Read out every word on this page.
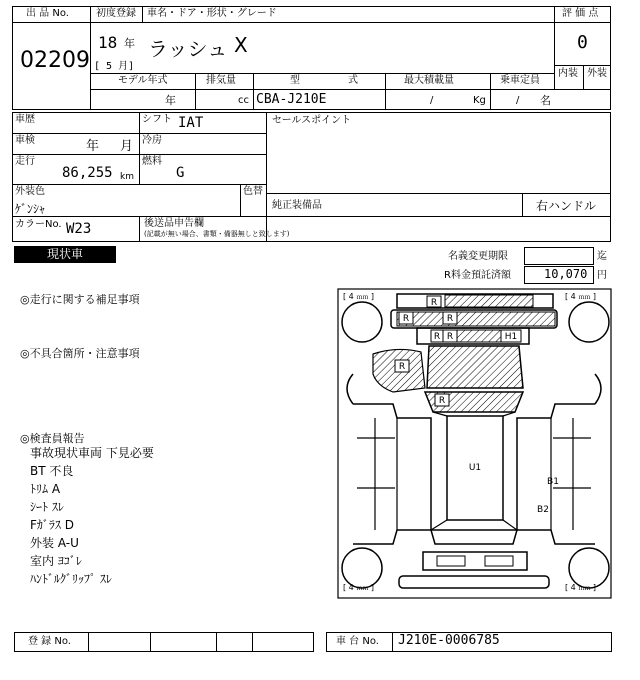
出 品 No.
02209
初度登録 車名・ドア・形状・グレード
18 年
[ 5 月]
ラッシュ X
評 価 点
0
内装 外装
モデル年式	排気量	型	式	最大積載量	乗車定員
年	cc CBA-J210E	/	Kg	/ 名
車歴	シフト IAT	セールスポイント
車検	年 月 冷房
走行
86,255 km
燃料
G
外装色
ｹﾞﾝｼｬ
色替
純正装備品	右ハンドル
カラーNo. W23	後送品申告欄
(記載が無い場合、書類・備器無しと致します)
現状車	名義変更期限	迄
R料金預託済額	10,070 円
◎走行に関する補足事項
◎不具合箇所・注意事項
◎検査員報告
事故現状車両 下見必要
BT 不良
ﾄﾘﾑ A
ｼｰﾄ ｽﾚ
Fｶﾞﾗｽ D
外装 A-U
室内 ﾖｺﾞﾚ
ﾊﾝﾄﾞﾙｸﾞﾘｯﾌﾟ ｽﾚ
[ 4 ｍｍ ]	[ 4 ｍｍ ]
[ 4 ｍｍ ]	[ 4 ｍｍ ]
R
R	R
R R	H1
R
R
U1
B1
B2
登 録 No.	車 台 No. J210E-0006785
